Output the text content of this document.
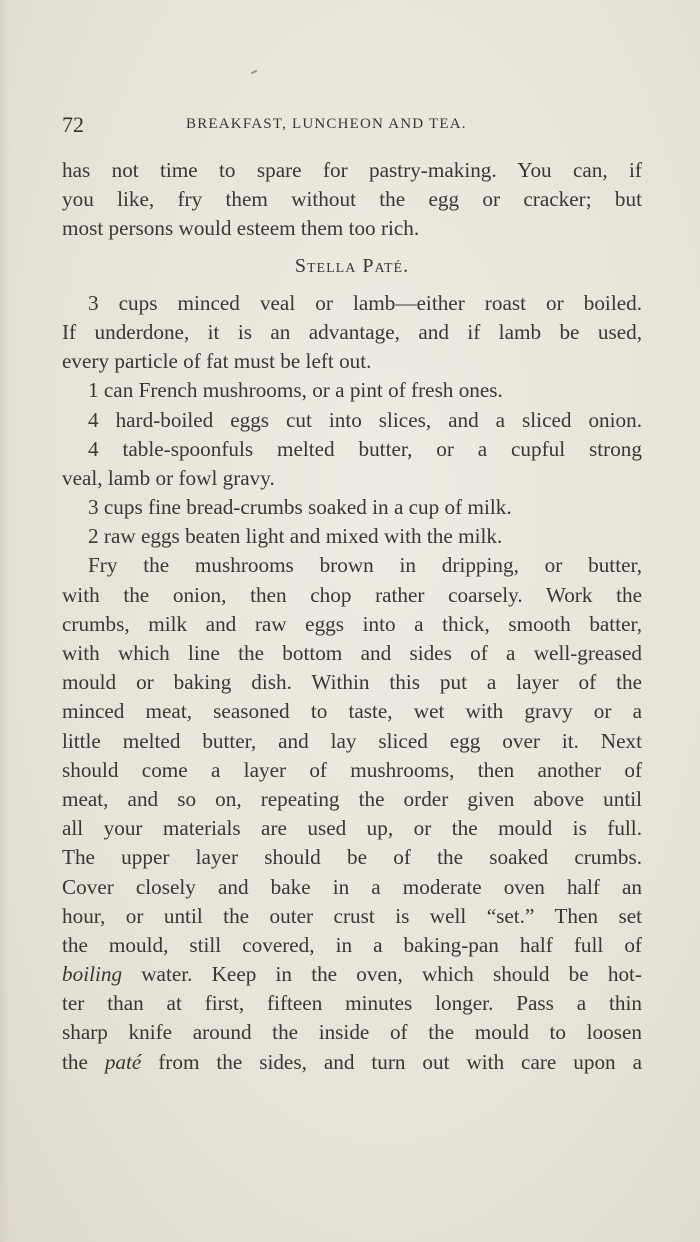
72	BREAKFAST, LUNCHEON AND TEA.
has not time to spare for pastry-making. You can, if
you like, fry them without the egg or cracker; but
most persons would esteem them too rich.
Stella Paté.
3 cups minced veal or lamb—either roast or boiled.
If underdone, it is an advantage, and if lamb be used,
every particle of fat must be left out.
1 can French mushrooms, or a pint of fresh ones.
4 hard-boiled eggs cut into slices, and a sliced onion.
4 table-spoonfuls melted butter, or a cupful strong
veal, lamb or fowl gravy.
3 cups fine bread-crumbs soaked in a cup of milk.
2 raw eggs beaten light and mixed with the milk.
Fry the mushrooms brown in dripping, or butter,
with the onion, then chop rather coarsely. Work the
crumbs, milk and raw eggs into a thick, smooth batter,
with which line the bottom and sides of a well-greased
mould or baking dish. Within this put a layer of the
minced meat, seasoned to taste, wet with gravy or a
little melted butter, and lay sliced egg over it. Next
should come a layer of mushrooms, then another of
meat, and so on, repeating the order given above until
all your materials are used up, or the mould is full.
The upper layer should be of the soaked crumbs.
Cover closely and bake in a moderate oven half an
hour, or until the outer crust is well “set.” Then set
the mould, still covered, in a baking-pan half full of
boiling water. Keep in the oven, which should be hot-
ter than at first, fifteen minutes longer. Pass a thin
sharp knife around the inside of the mould to loosen
the paté from the sides, and turn out with care upon a
